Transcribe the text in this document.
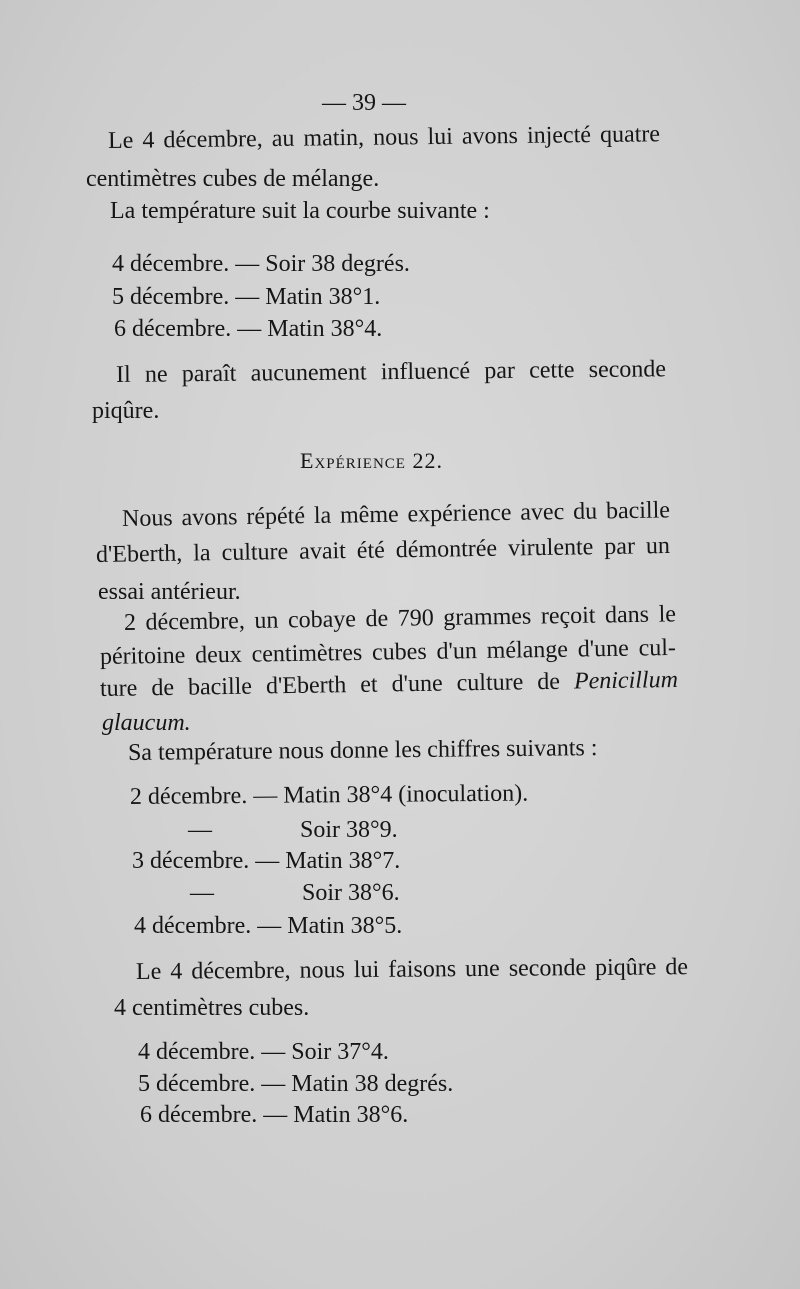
— 39 —
Le 4 décembre, au matin, nous lui avons injecté quatre
centimètres cubes de mélange.
La température suit la courbe suivante :
4 décembre. — Soir 38 degrés.
5 décembre. — Matin 38°1.
6 décembre. — Matin 38°4.
Il ne paraît aucunement influencé par cette seconde
piqûre.
Expérience 22.
Nous avons répété la même expérience avec du bacille
d'Eberth, la culture avait été démontrée virulente par un
essai antérieur.
2 décembre, un cobaye de 790 grammes reçoit dans le
péritoine deux centimètres cubes d'un mélange d'une cul-
ture de bacille d'Eberth et d'une culture de Penicillum
glaucum.
Sa température nous donne les chiffres suivants :
2 décembre. — Matin 38°4 (inoculation).
—	Soir 38°9.
3 décembre. — Matin 38°7.
—	Soir 38°6.
4 décembre. — Matin 38°5.
Le 4 décembre, nous lui faisons une seconde piqûre de
4 centimètres cubes.
4 décembre. — Soir 37°4.
5 décembre. — Matin 38 degrés.
6 décembre. — Matin 38°6.
